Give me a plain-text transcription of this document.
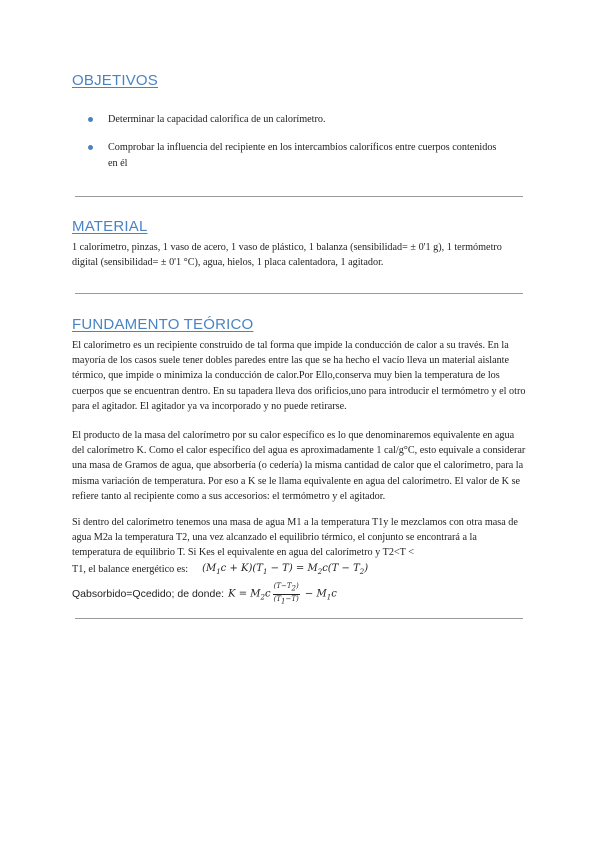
OBJETIVOS
Determinar la capacidad calorífica de un calorímetro.
Comprobar la influencia del recipiente en los intercambios caloríficos entre cuerpos contenidos en él
MATERIAL

1 calorímetro, pinzas, 1 vaso de acero, 1 vaso de plástico, 1 balanza (sensibilidad= ± 0'1 g), 1 termómetro digital (sensibilidad= ± 0'1 °C), agua, hielos, 1 placa calentadora, 1 agitador.

FUNDAMENTO TEÓRICO

El calorímetro es un recipiente construido de tal forma que impide la conducción de calor a su través. En la mayoría de los casos suele tener dobles paredes entre las que se ha hecho el vacío lleva un material aislante térmico, que impide o minimiza la conducción de calor.Por Ello,conserva muy bien la temperatura de los cuerpos que se encuentran dentro. En su tapadera lleva dos orificios,uno para introducir el termómetro y el otro para el agitador. El agitador ya va incorporado y no puede retirarse.

El producto de la masa del calorímetro por su calor específico es lo que denominaremos equivalente en agua del calorímetro K. Como el calor específico del agua es aproximadamente 1 cal/g°C, esto equivale a considerar una masa de Gramos de agua, que absorbería (o cedería) la misma cantidad de calor que el calorímetro, para la misma variación de temperatura. Por eso a K se le llama equivalente en agua del calorímetro. El valor de K se refiere tanto al recipiente como a sus accesorios: el termómetro y el agitador.

Si dentro del calorímetro tenemos una masa de agua M1 a la temperatura T1y le mezclamos con otra masa de agua M2a la temperatura T2, una vez alcanzado el equilibrio térmico, el conjunto se encontrará a la temperatura de equilibrio T. Si Kes el equivalente en agua del calorímetro y T2<T <

T1, el balance energético es: $(M_1c + K)(T_1 - T) = M_2c(T - T_2)$
Qabsorbido=Qcedido; de donde: $K = M_2c \frac{(T-T_2)}{(T_1-T)} - M_1c$
